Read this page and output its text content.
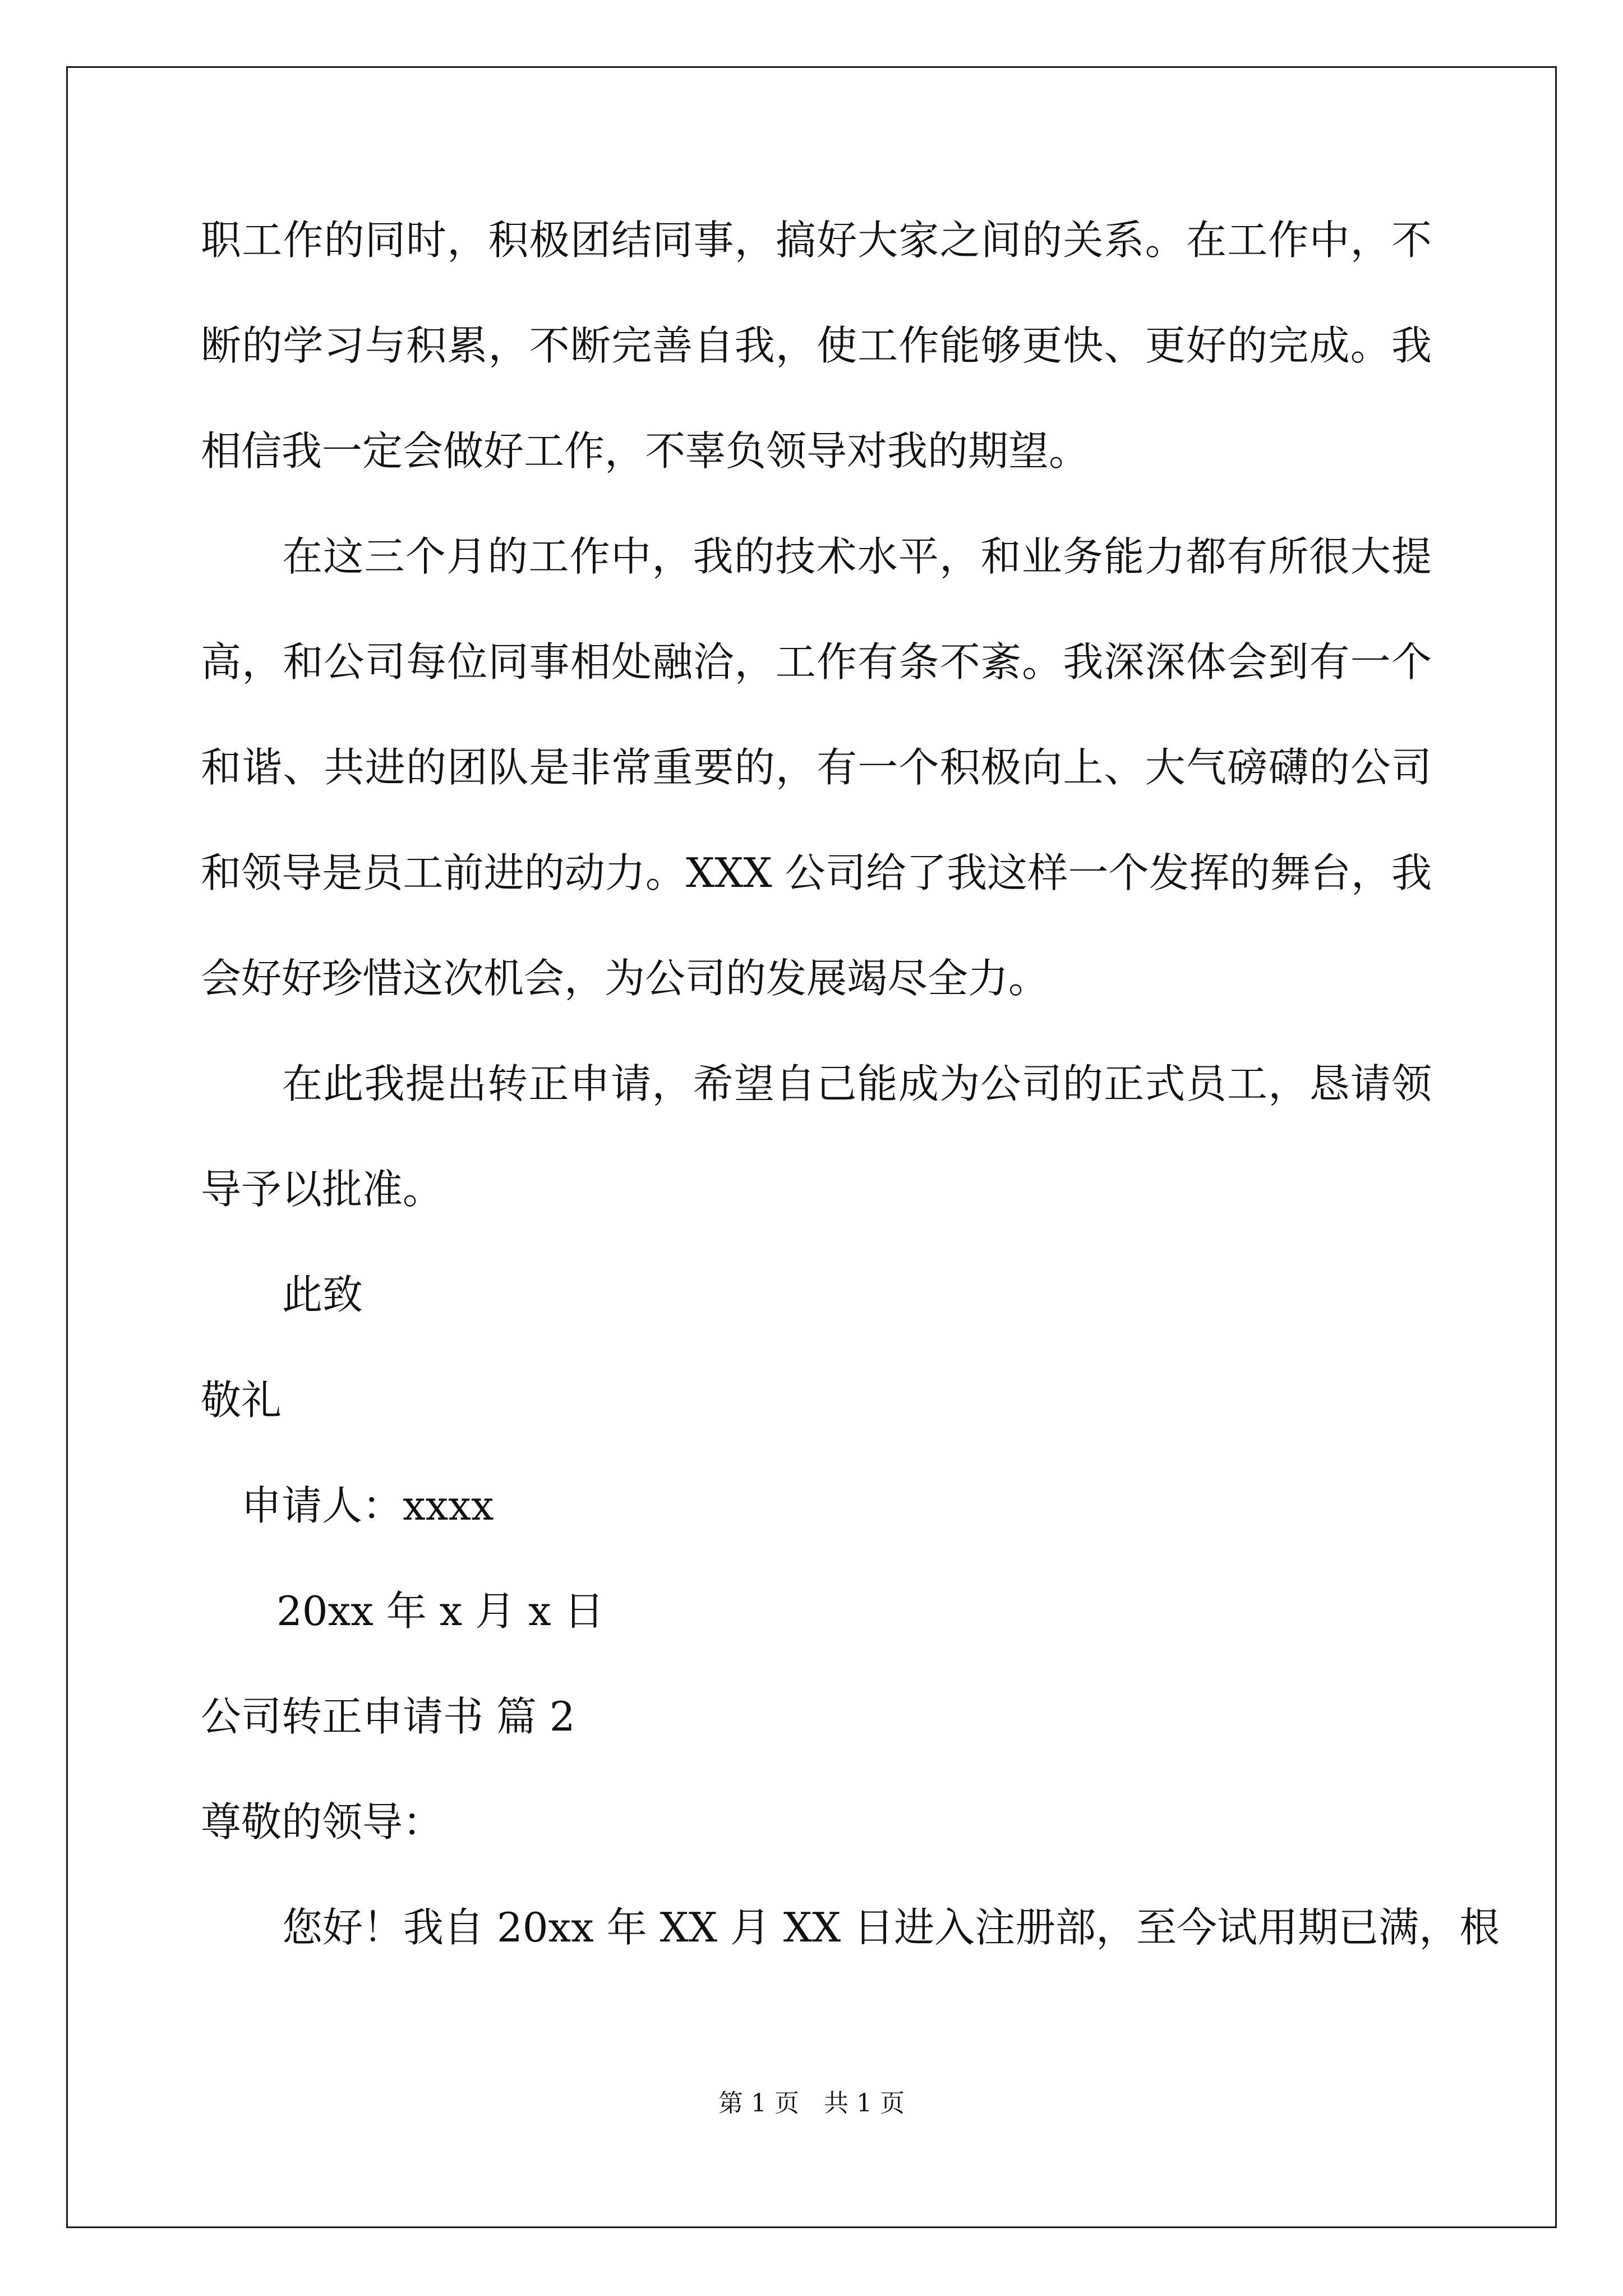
职工作的同时，积极团结同事，搞好大家之间的关系。在工作中，不
断的学习与积累，不断完善自我，使工作能够更快、更好的完成。我
相信我一定会做好工作，不辜负领导对我的期望。
在这三个月的工作中，我的技术水平，和业务能力都有所很大提
高，和公司每位同事相处融洽，工作有条不紊。我深深体会到有一个
和谐、共进的团队是非常重要的，有一个积极向上、大气磅礴的公司
和领导是员工前进的动力。XXX 公司给了我这样一个发挥的舞台，我
会好好珍惜这次机会，为公司的发展竭尽全力。
在此我提出转正申请，希望自己能成为公司的正式员工，恳请领
导予以批准。
此致
敬礼
申请人：xxxx
20xx 年 x 月 x 日
公司转正申请书 篇 2
尊敬的领导：
您好！我自 20xx 年 XX 月 XX 日进入注册部，至今试用期已满，根
第 1 页　共 1 页
